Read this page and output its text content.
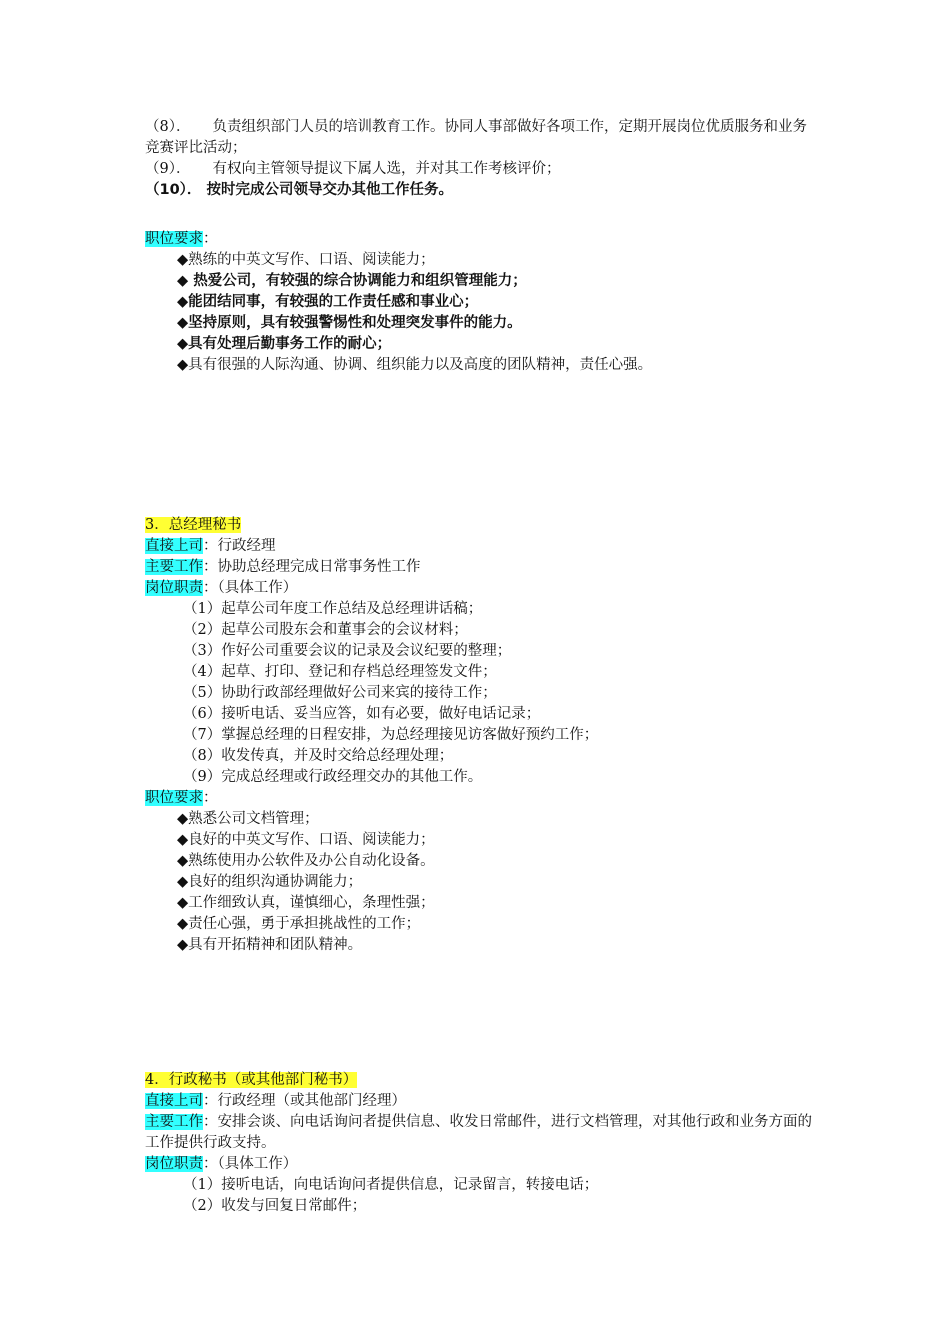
（8）． 负责组织部门人员的培训教育工作。协同人事部做好各项工作，定期开展岗位优质服务和业务竞赛评比活动；
（9）． 有权向主管领导提议下属人选，并对其工作考核评价；
（10）． 按时完成公司领导交办其他工作任务。
职位要求：
◆熟练的中英文写作、口语、阅读能力；
◆ 热爱公司，有较强的综合协调能力和组织管理能力；
◆能团结同事，有较强的工作责任感和事业心；
◆坚持原则，具有较强警惕性和处理突发事件的能力。
◆具有处理后勤事务工作的耐心；
◆具有很强的人际沟通、协调、组织能力以及高度的团队精神，责任心强。
3．总经理秘书
直接上司：行政经理
主要工作：协助总经理完成日常事务性工作
岗位职责：（具体工作）
（1）起草公司年度工作总结及总经理讲话稿；
（2）起草公司股东会和董事会的会议材料；
（3）作好公司重要会议的记录及会议纪要的整理；
（4）起草、打印、登记和存档总经理签发文件；
（5）协助行政部经理做好公司来宾的接待工作；
（6）接听电话、妥当应答，如有必要，做好电话记录；
（7）掌握总经理的日程安排，为总经理接见访客做好预约工作；
（8）收发传真，并及时交给总经理处理；
（9）完成总经理或行政经理交办的其他工作。
职位要求：
◆熟悉公司文档管理；
◆良好的中英文写作、口语、阅读能力；
◆熟练使用办公软件及办公自动化设备。
◆良好的组织沟通协调能力；
◆工作细致认真，谨慎细心，条理性强；
◆责任心强，勇于承担挑战性的工作；
◆具有开拓精神和团队精神。
4．行政秘书（或其他部门秘书）
直接上司：行政经理（或其他部门经理）
主要工作：安排会谈、向电话询问者提供信息、收发日常邮件，进行文档管理，对其他行政和业务方面的工作提供行政支持。
岗位职责：（具体工作）
（1）接听电话，向电话询问者提供信息，记录留言，转接电话；
（2）收发与回复日常邮件；
